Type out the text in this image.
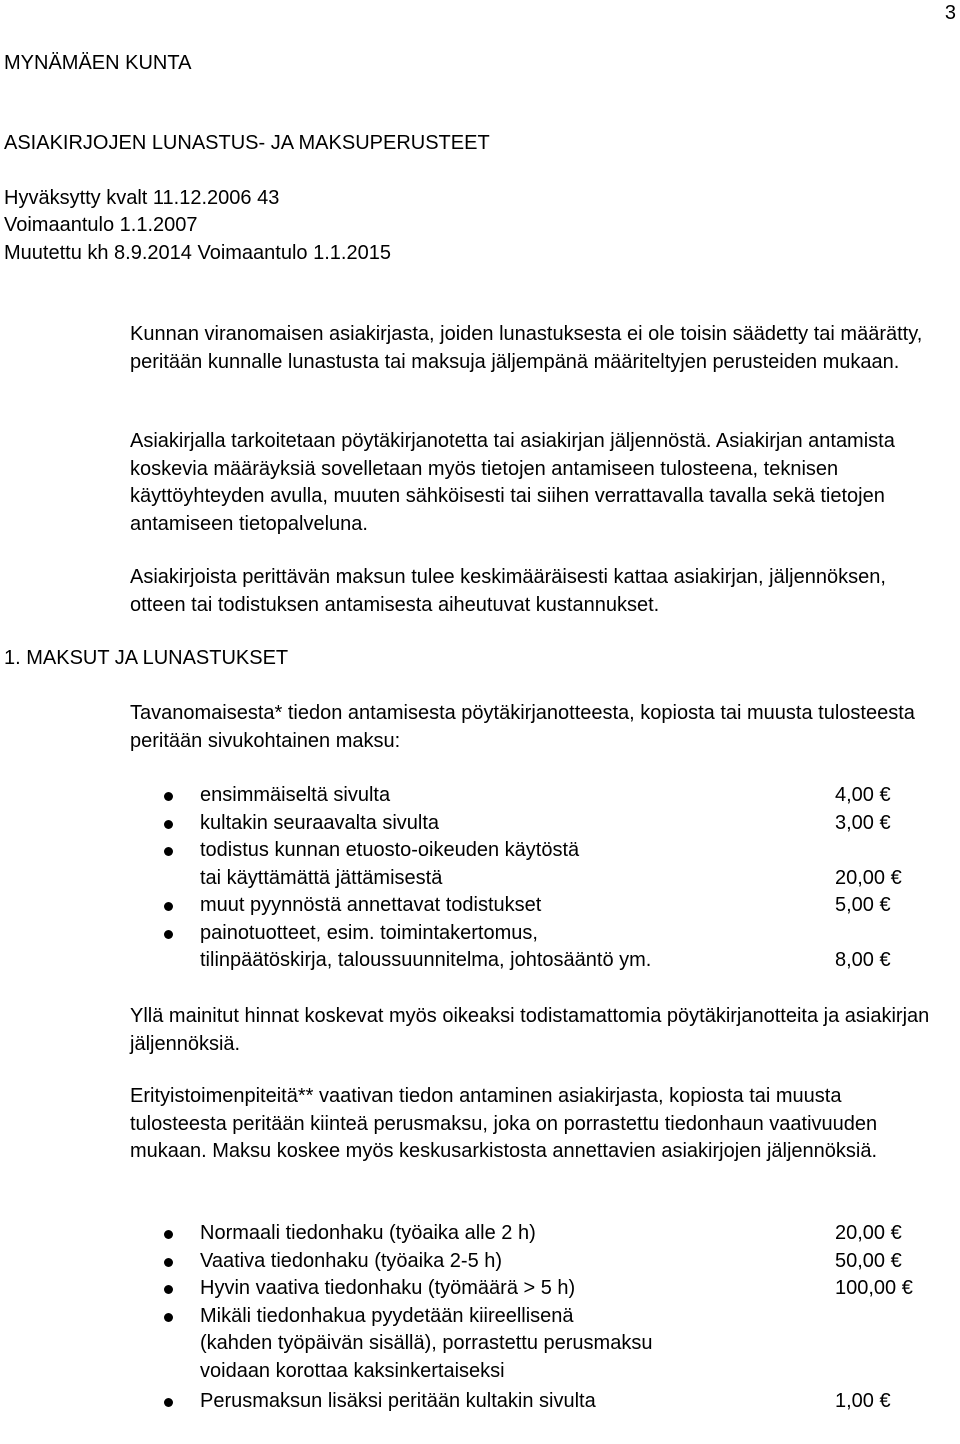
3
MYNÄMÄEN KUNTA
ASIAKIRJOJEN LUNASTUS- JA MAKSUPERUSTEET
Hyväksytty kvalt 11.12.2006 43
Voimaantulo 1.1.2007
Muutettu kh 8.9.2014 Voimaantulo 1.1.2015

Kunnan viranomaisen asiakirjasta, joiden lunastuksesta ei ole toisin säädetty tai määrätty, peritään kunnalle lunastusta tai maksuja jäljempänä määriteltyjen perusteiden mukaan.

Asiakirjalla tarkoitetaan pöytäkirjanotetta tai asiakirjan jäljennöstä. Asiakirjan antamista koskevia määräyksiä sovelletaan myös tietojen antamiseen tulosteena, teknisen käyttöyhteyden avulla, muuten sähköisesti tai siihen verrattavalla tavalla sekä tietojen antamiseen tietopalveluna.

Asiakirjoista perittävän maksun tulee keskimääräisesti kattaa asiakirjan, jäljennöksen, otteen tai todistuksen antamisesta aiheutuvat kustannukset.

1. MAKSUT JA LUNASTUKSET

Tavanomaisesta* tiedon antamisesta pöytäkirjanotteesta, kopiosta tai muusta tulosteesta peritään sivukohtainen maksu:

ensimmäiseltä sivulta	4,00 €
kultakin seuraavalta sivulta	3,00 €
todistus kunnan etuosto-oikeuden käytöstä
tai käyttämättä jättämisestä	20,00 €
muut pyynnöstä annettavat todistukset	5,00 €
painotuotteet, esim. toimintakertomus,
tilinpäätöskirja, taloussuunnitelma, johtosääntö ym.	8,00 €

Yllä mainitut hinnat koskevat myös oikeaksi todistamattomia pöytäkirjanotteita ja asiakirjan jäljennöksiä.

Erityistoimenpiteitä** vaativan tiedon antaminen asiakirjasta, kopiosta tai muusta tulosteesta peritään kiinteä perusmaksu, joka on porrastettu tiedonhaun vaativuuden mukaan. Maksu koskee myös keskusarkistosta annettavien asiakirjojen jäljennöksiä.

Normaali tiedonhaku (työaika alle 2 h)	20,00 €
Vaativa tiedonhaku (työaika 2-5 h)	50,00 €
Hyvin vaativa tiedonhaku (työmäärä > 5 h)	100,00 €
Mikäli tiedonhakua pyydetään kiireellisenä
(kahden työpäivän sisällä), porrastettu perusmaksu
voidaan korottaa kaksinkertaiseksi
Perusmaksun lisäksi peritään kultakin sivulta	1,00 €
